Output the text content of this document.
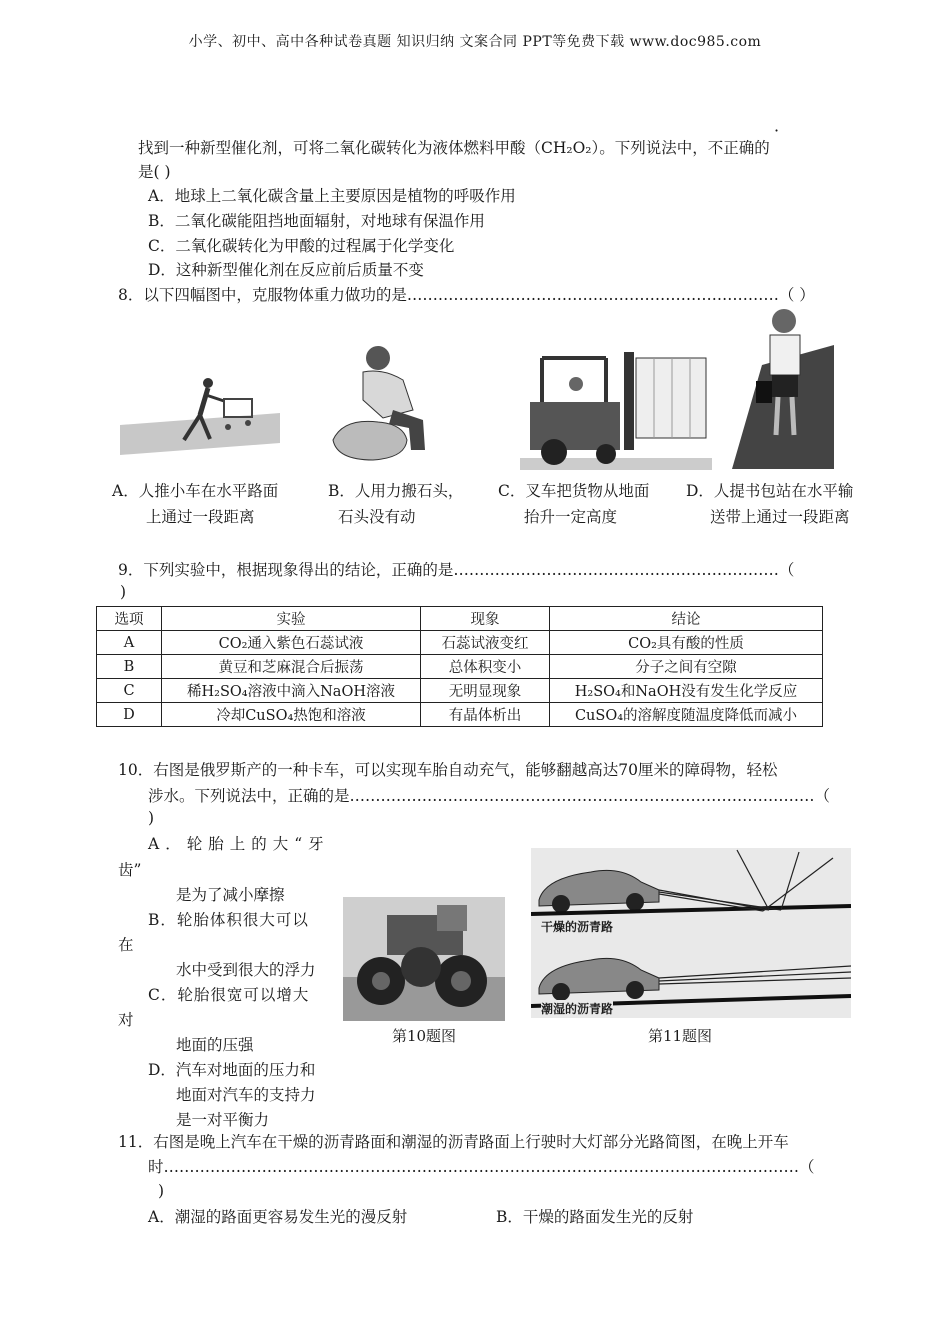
小学、初中、高中各种试卷真题 知识归纳 文案合同 PPT等免费下载 www.doc985.com
·
找到一种新型催化剂，可将二氧化碳转化为液体燃料甲酸（CH₂O₂）。下列说法中，不正确的
是( )
A．地球上二氧化碳含量上主要原因是植物的呼吸作用
B．二氧化碳能阻挡地面辐射，对地球有保温作用
C．二氧化碳转化为甲酸的过程属于化学变化
D．这种新型催化剂在反应前后质量不变
8．以下四幅图中，克服物体重力做功的是………………………………………………………………（ ）
A．人推小车在水平路面
上通过一段距离
B．人用力搬石头，
石头没有动
C．叉车把货物从地面
抬升一定高度
D．人提书包站在水平输
送带上通过一段距离
9．下列实验中，根据现象得出的结论，正确的是………………………………………………………（
)
选项	实验	现象	结论
A	CO₂通入紫色石蕊试液	石蕊试液变红	CO₂具有酸的性质
B	黄豆和芝麻混合后振荡	总体积变小	分子之间有空隙
C	稀H₂SO₄溶液中滴入NaOH溶液	无明显现象	H₂SO₄和NaOH没有发生化学反应
D	冷却CuSO₄热饱和溶液	有晶体析出	CuSO₄的溶解度随温度降低而减小
10．右图是俄罗斯产的一种卡车，可以实现车胎自动充气，能够翻越高达70厘米的障碍物，轻松
涉水。下列说法中，正确的是………………………………………………………………………………（
)
A．轮胎上的大“牙
齿”
是为了减小摩擦
B．轮胎体积很大可以
在
水中受到很大的浮力
C．轮胎很宽可以增大
对
地面的压强
D．汽车对地面的压力和
地面对汽车的支持力
是一对平衡力
第10题图
干燥的沥青路
潮湿的沥青路
第11题图
11．右图是晚上汽车在干燥的沥青路面和潮湿的沥青路面上行驶时大灯部分光路简图，在晚上开车
时……………………………………………………………………………………………………………（
)
A．潮湿的路面更容易发生光的漫反射	B．干燥的路面发生光的反射
